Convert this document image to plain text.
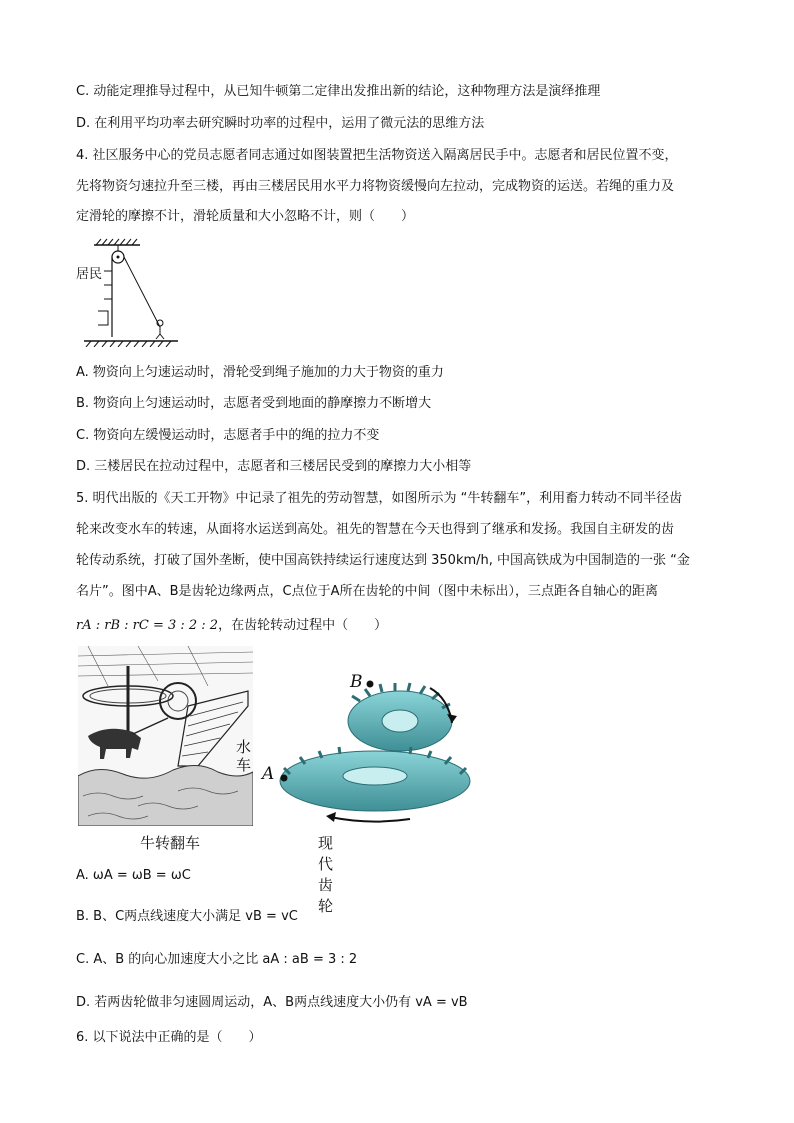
C. 动能定理推导过程中，从已知牛顿第二定律出发推出新的结论，这种物理方法是演绎推理
D. 在利用平均功率去研究瞬时功率的过程中，运用了微元法的思维方法
4. 社区服务中心的党员志愿者同志通过如图装置把生活物资送入隔离居民手中。志愿者和居民位置不变，
先将物资匀速拉升至三楼，再由三楼居民用水平力将物资缓慢向左拉动，完成物资的运送。若绳的重力及
定滑轮的摩擦不计，滑轮质量和大小忽略不计，则（　　）
居民
A. 物资向上匀速运动时，滑轮受到绳子施加的力大于物资的重力
B. 物资向上匀速运动时，志愿者受到地面的静摩擦力不断增大
C. 物资向左缓慢运动时，志愿者手中的绳的拉力不变
D. 三楼居民在拉动过程中，志愿者和三楼居民受到的摩擦力大小相等
5. 明代出版的《天工开物》中记录了祖先的劳动智慧，如图所示为 “牛转翻车”，利用畜力转动不同半径齿
轮来改变水车的转速，从面将水运送到高处。祖先的智慧在今天也得到了继承和发扬。我国自主研发的齿
轮传动系统，打破了国外垄断，使中国高铁持续运行速度达到 350km/h, 中国高铁成为中国制造的一张 “金
名片”。图中A、B是齿轮边缘两点，C点位于A所在齿轮的中间（图中未标出），三点距各自轴心的距离
rA : rB : rC = 3 : 2 : 2，在齿轮转动过程中（　　）
水车
牛转翻车
B
A
现代齿轮
A. ωA = ωB = ωC
B. B、C两点线速度大小满足 vB = vC
C. A、B 的向心加速度大小之比 aA : aB = 3 : 2
D. 若两齿轮做非匀速圆周运动，A、B两点线速度大小仍有 vA = vB
6. 以下说法中正确的是（　　）
